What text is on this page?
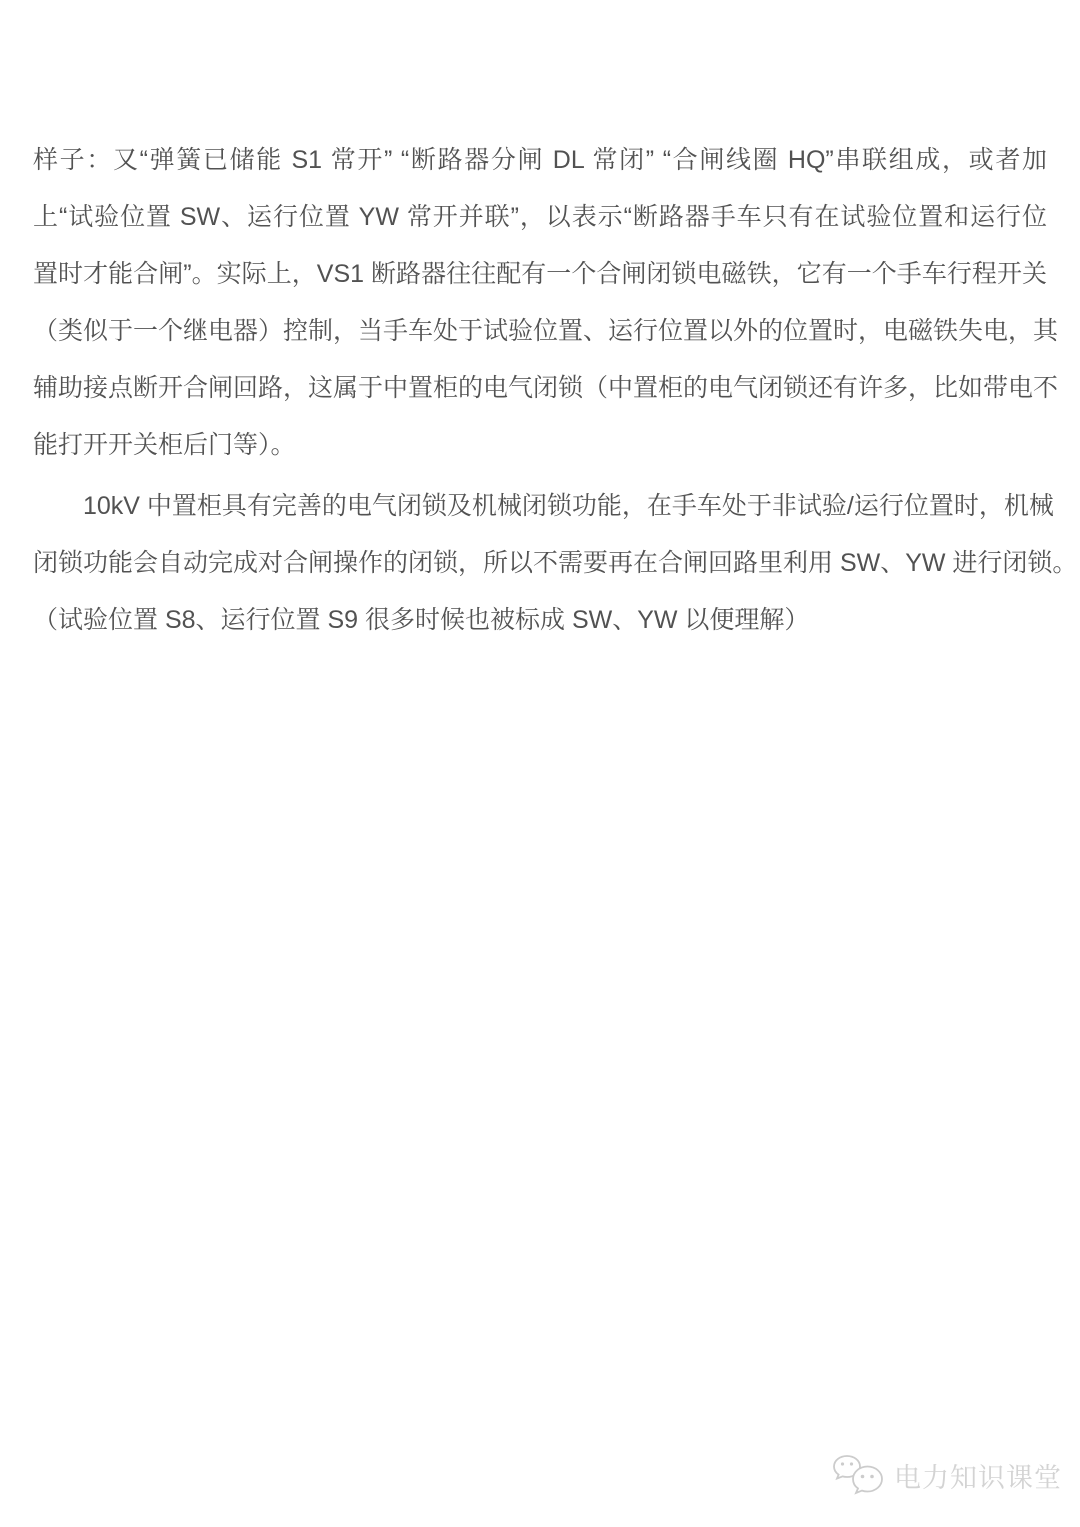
样子：又“弹簧已储能 S1 常开” “断路器分闸 DL 常闭” “合闸线圈 HQ”串联组成，或者加
上“试验位置 SW、运行位置 YW 常开并联”，以表示“断路器手车只有在试验位置和运行位
置时才能合闸”。实际上，VS1 断路器往往配有一个合闸闭锁电磁铁，它有一个手车行程开关
（类似于一个继电器）控制，当手车处于试验位置、运行位置以外的位置时，电磁铁失电，其
辅助接点断开合闸回路，这属于中置柜的电气闭锁（中置柜的电气闭锁还有许多，比如带电不
能打开开关柜后门等）。
10kV 中置柜具有完善的电气闭锁及机械闭锁功能，在手车处于非试验/运行位置时，机械
闭锁功能会自动完成对合闸操作的闭锁，所以不需要再在合闸回路里利用 SW、YW 进行闭锁。
（试验位置 S8、运行位置 S9 很多时候也被标成 SW、YW 以便理解）
电力知识课堂
